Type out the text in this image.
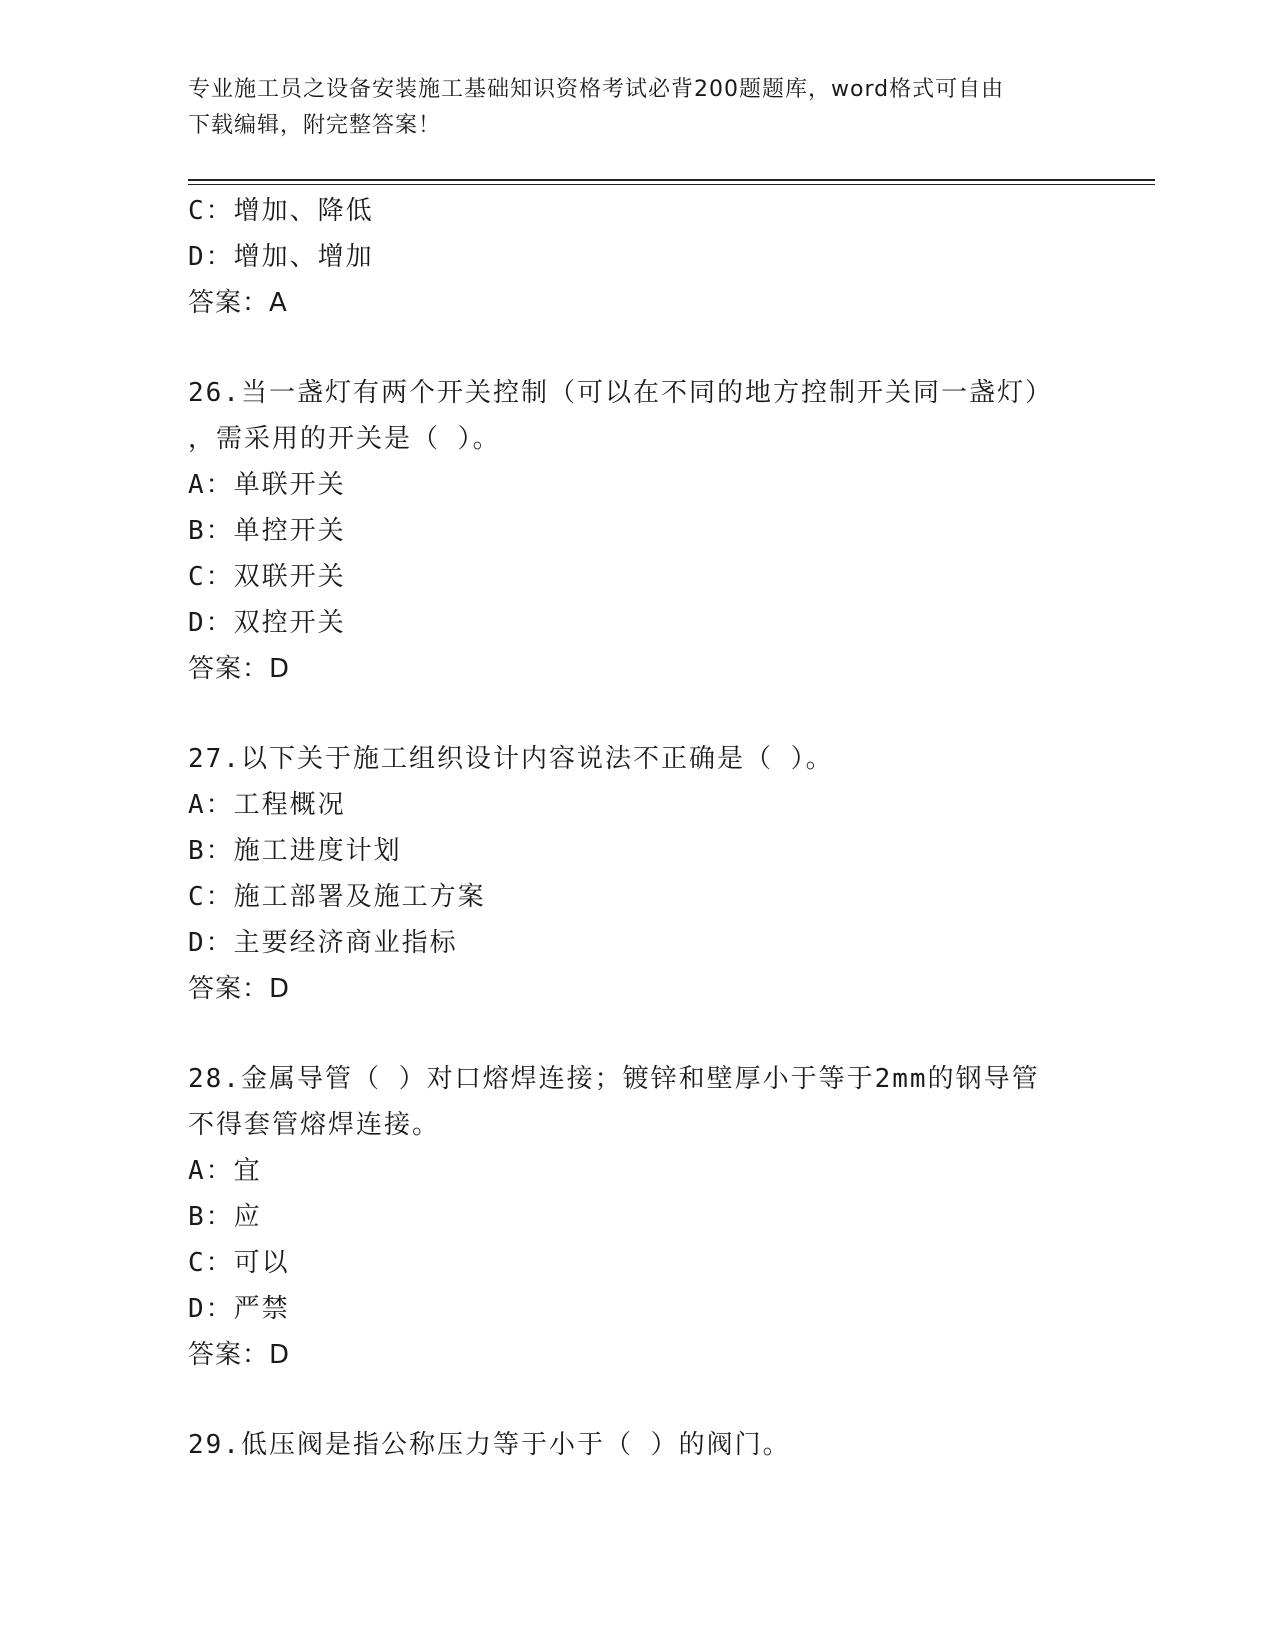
专业施工员之设备安装施工基础知识资格考试必背200题题库，word格式可自由
下载编辑，附完整答案！
C：增加、降低
D：增加、增加
答案：A
26.当一盏灯有两个开关控制（可以在不同的地方控制开关同一盏灯）
，需采用的开关是（ ）。
A：单联开关
B：单控开关
C：双联开关
D：双控开关
答案：D
27.以下关于施工组织设计内容说法不正确是（ ）。
A：工程概况
B：施工进度计划
C：施工部署及施工方案
D：主要经济商业指标
答案：D
28.金属导管（ ）对口熔焊连接；镀锌和壁厚小于等于2mm的钢导管
不得套管熔焊连接。
A：宜
B：应
C：可以
D：严禁
答案：D
29.低压阀是指公称压力等于小于（ ）的阀门。
